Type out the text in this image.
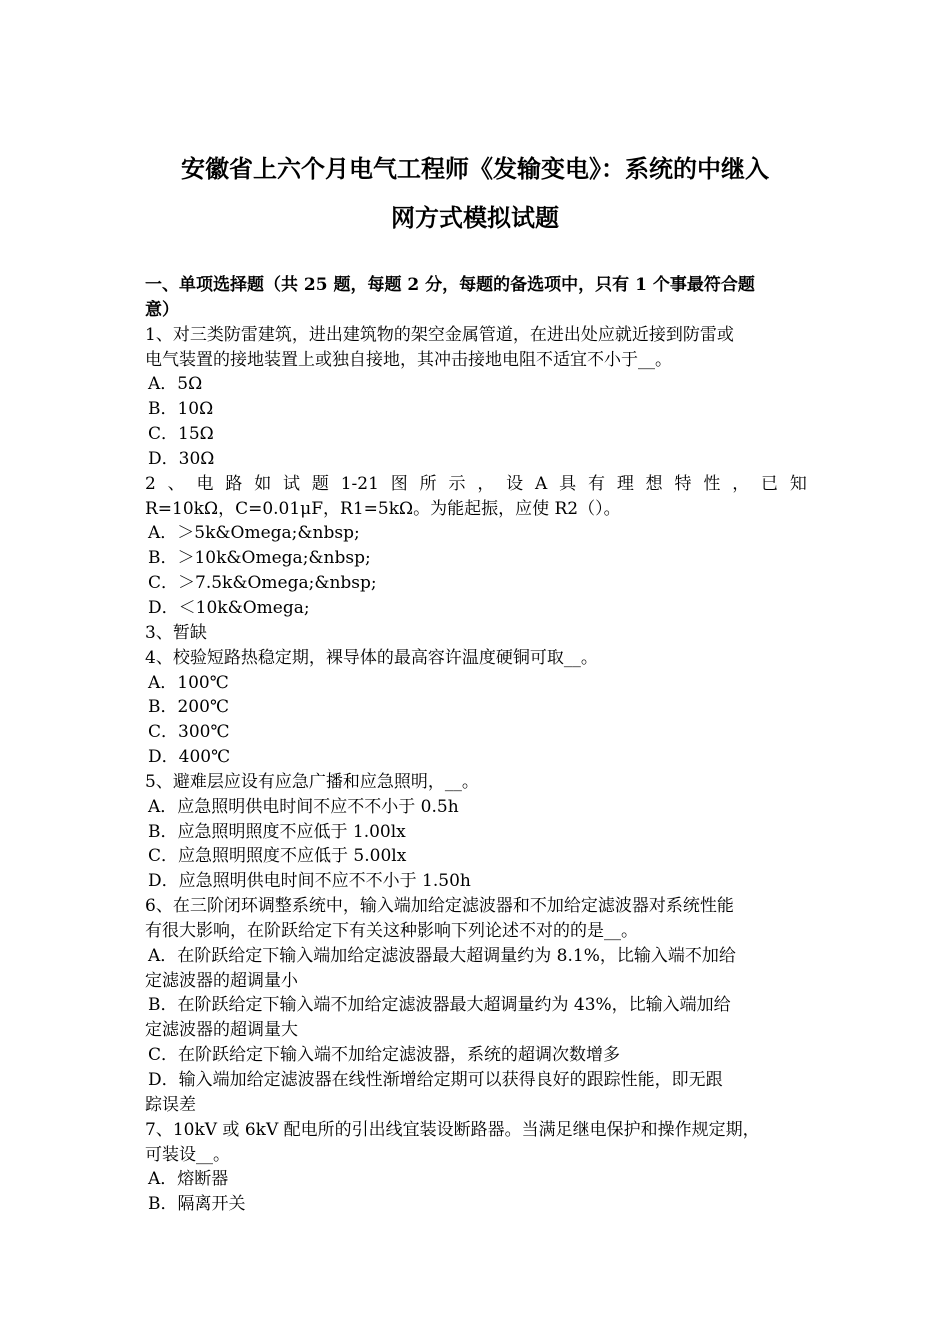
安徽省上六个月电气工程师《发输变电》：系统的中继入
网方式模拟试题
一、单项选择题（共 25 题，每题 2 分，每题的备选项中，只有 1 个事最符合题
意）
1、对三类防雷建筑，进出建筑物的架空金属管道，在进出处应就近接到防雷或
电气装置的接地装置上或独自接地，其冲击接地电阻不适宜不小于__。
A．5Ω
B．10Ω
C．15Ω
D．30Ω
2 、 电 路 如 试 题 1-21 图 所 示 ， 设 A 具 有 理 想 特 性 ， 已 知
R=10kΩ，C=0.01μF，R1=5kΩ。为能起振，应使 R2（）。
A．＞5k&Omega;&nbsp;
B．＞10k&Omega;&nbsp;
C．＞7.5k&Omega;&nbsp;
D．＜10k&Omega;
3、暂缺
4、校验短路热稳定期，裸导体的最高容许温度硬铜可取__。
A．100℃
B．200℃
C．300℃
D．400℃
5、避难层应设有应急广播和应急照明，__。
A．应急照明供电时间不应不不小于 0.5h
B．应急照明照度不应低于 1.00lx
C．应急照明照度不应低于 5.00lx
D．应急照明供电时间不应不不小于 1.50h
6、在三阶闭环调整系统中，输入端加给定滤波器和不加给定滤波器对系统性能
有很大影响，在阶跃给定下有关这种影响下列论述不对的的是__。
A．在阶跃给定下输入端加给定滤波器最大超调量约为 8.1%，比输入端不加给
定滤波器的超调量小
B．在阶跃给定下输入端不加给定滤波器最大超调量约为 43%，比输入端加给
定滤波器的超调量大
C．在阶跃给定下输入端不加给定滤波器，系统的超调次数增多
D．输入端加给定滤波器在线性渐增给定期可以获得良好的跟踪性能，即无跟
踪误差
7、10kV 或 6kV 配电所的引出线宜装设断路器。当满足继电保护和操作规定期，
可装设__。
A．熔断器
B．隔离开关
